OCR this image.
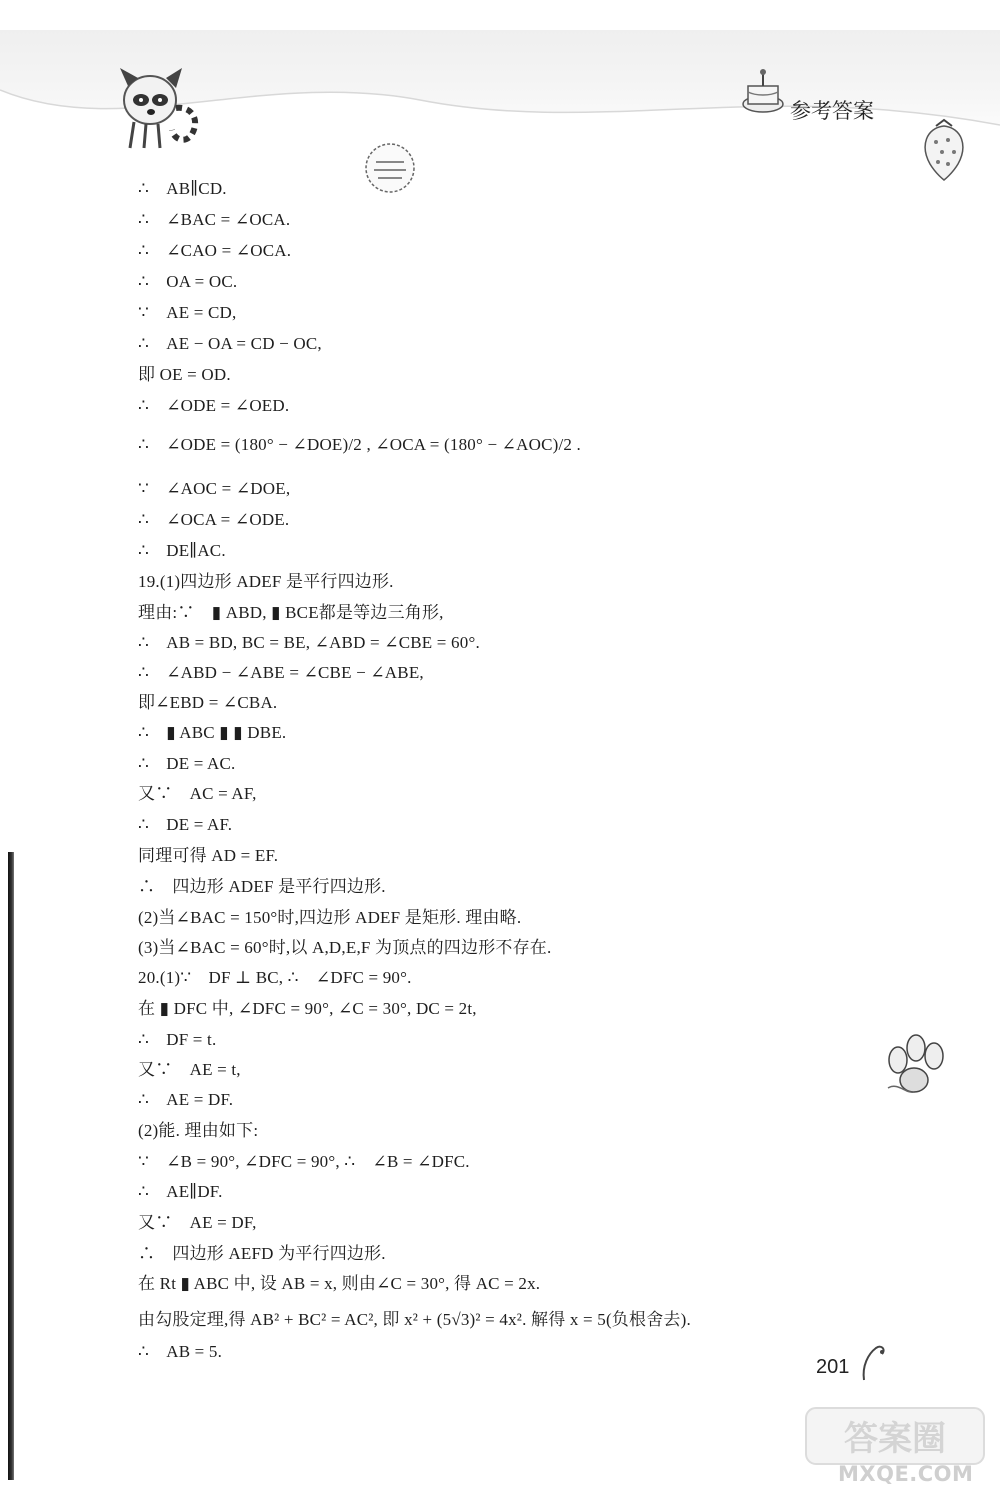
参考答案
∴　AB∥CD.
∴　∠BAC = ∠OCA.
∴　∠CAO = ∠OCA.
∴　OA = OC.
∵　AE = CD,
∴　AE − OA = CD − OC,
即 OE = OD.
∴　∠ODE = ∠OED.
∴　∠ODE = (180° − ∠DOE)/2 , ∠OCA = (180° − ∠AOC)/2 .
∵　∠AOC = ∠DOE,
∴　∠OCA = ∠ODE.
∴　DE∥AC.
19.(1)四边形 ADEF 是平行四边形.
理由:∵　▮ ABD, ▮ BCE都是等边三角形,
∴　AB = BD, BC = BE, ∠ABD = ∠CBE = 60°.
∴　∠ABD − ∠ABE = ∠CBE − ∠ABE,
即∠EBD = ∠CBA.
∴　▮ ABC ▮ ▮ DBE.
∴　DE = AC.
又∵　AC = AF,
∴　DE = AF.
同理可得 AD = EF.
∴　四边形 ADEF 是平行四边形.
(2)当∠BAC = 150°时,四边形 ADEF 是矩形. 理由略.
(3)当∠BAC = 60°时,以 A,D,E,F 为顶点的四边形不存在.
20.(1)∵　DF ⊥ BC, ∴　∠DFC = 90°.
在 ▮ DFC 中, ∠DFC = 90°, ∠C = 30°, DC = 2t,
∴　DF = t.
又∵　AE = t,
∴　AE = DF.
(2)能. 理由如下:
∵　∠B = 90°, ∠DFC = 90°, ∴　∠B = ∠DFC.
∴　AE∥DF.
又∵　AE = DF,
∴　四边形 AEFD 为平行四边形.
在 Rt ▮ ABC 中, 设 AB = x, 则由∠C = 30°, 得 AC = 2x.
由勾股定理,得 AB² + BC² = AC², 即 x² + (5√3)² = 4x². 解得 x = 5(负根舍去).
∴　AB = 5.
201
答案圈
MXQE.COM
